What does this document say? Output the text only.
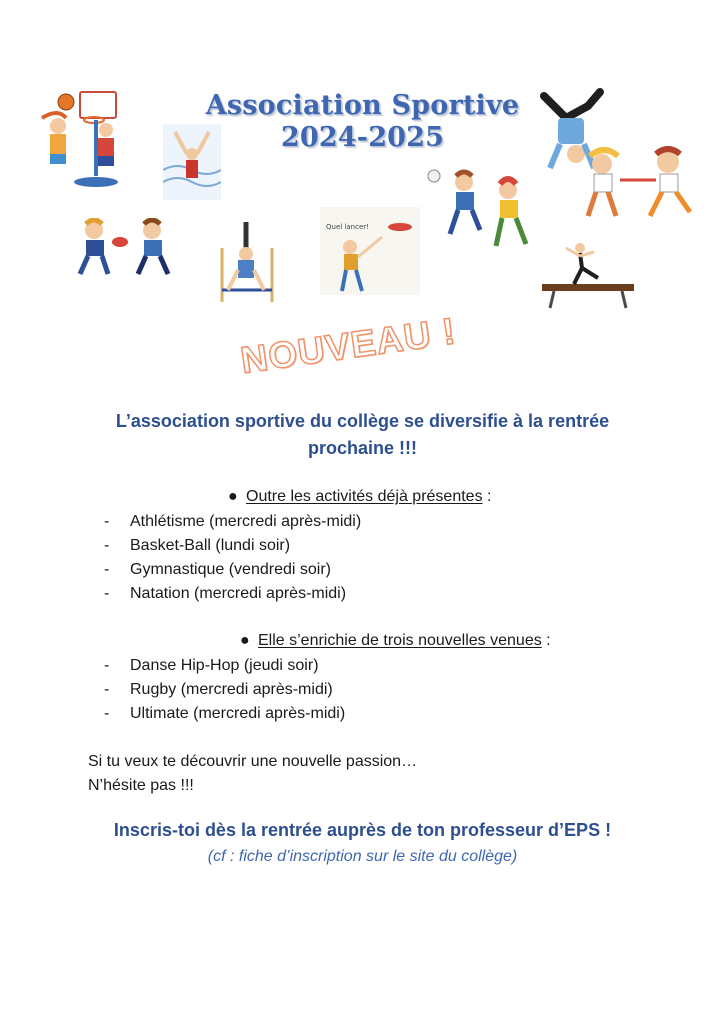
Association Sportive
2024-2025
Quel lancer!
NOUVEAU !
L’association sportive du collège se diversifie à la rentrée
prochaine !!!
● Outre les activités déjà présentes :
- Athlétisme (mercredi après-midi)
- Basket-Ball (lundi soir)
- Gymnastique (vendredi soir)
- Natation (mercredi après-midi)
● Elle s’enrichie de trois nouvelles venues :
- Danse Hip-Hop (jeudi soir)
- Rugby (mercredi après-midi)
- Ultimate (mercredi après-midi)
Si tu veux te découvrir une nouvelle passion…
N’hésite pas !!!
Inscris-toi dès la rentrée auprès de ton professeur d’EPS !
(cf : fiche d’inscription sur le site du collège)
